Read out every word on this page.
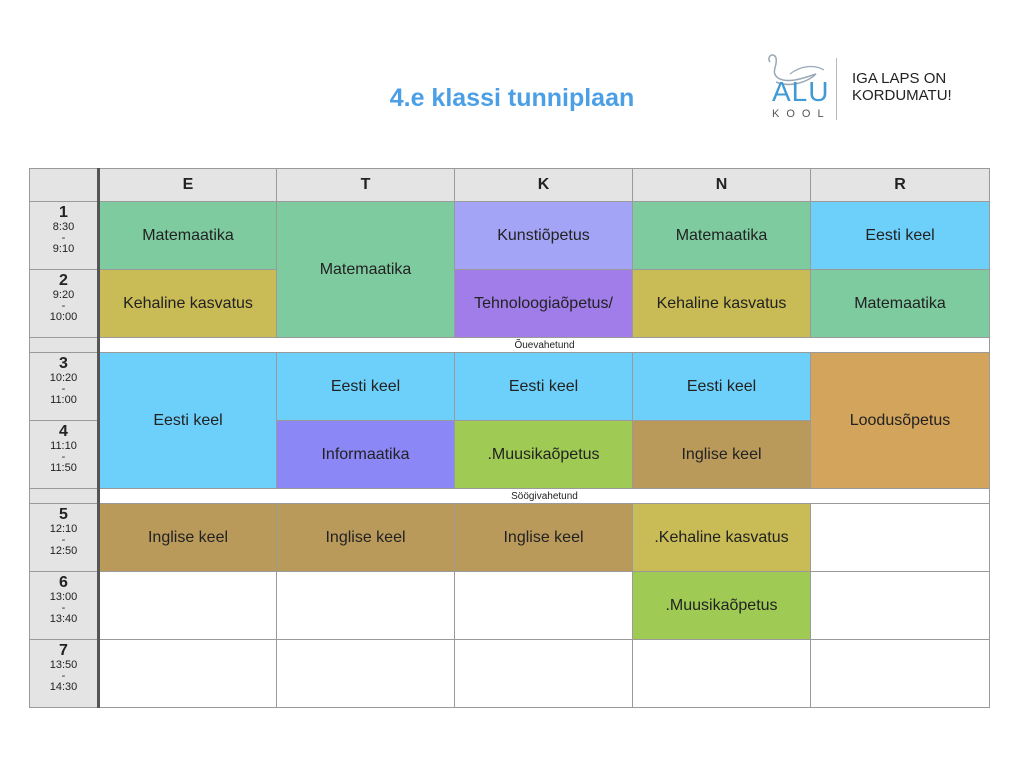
4.e klassi tunniplaan	ALU
KOOL
IGA LAPS ON
KORDUMATU!
	E	T	K	N	R

1
8:30
-
9:10	Matemaatika	Matemaatika	Kunstiõpetus	Matemaatika	Eesti keel

2
9:20
-
10:00	Kehaline kasvatus		Tehnoloogiaõpetus/	Kehaline kasvatus	Matemaatika
	Õuevahetund				

3
10:20
-
11:00	Eesti keel	Eesti keel	Eesti keel	Eesti keel	Loodusõpetus

4
11:10
-
11:50		Informaatika	.Muusikaõpetus	Inglise keel	
	Söögivahetund				

5
12:10
-
12:50	Inglise keel	Inglise keel	Inglise keel	.Kehaline kasvatus	

6
13:00
-
13:40				.Muusikaõpetus	

7
13:50
-
14:30					
